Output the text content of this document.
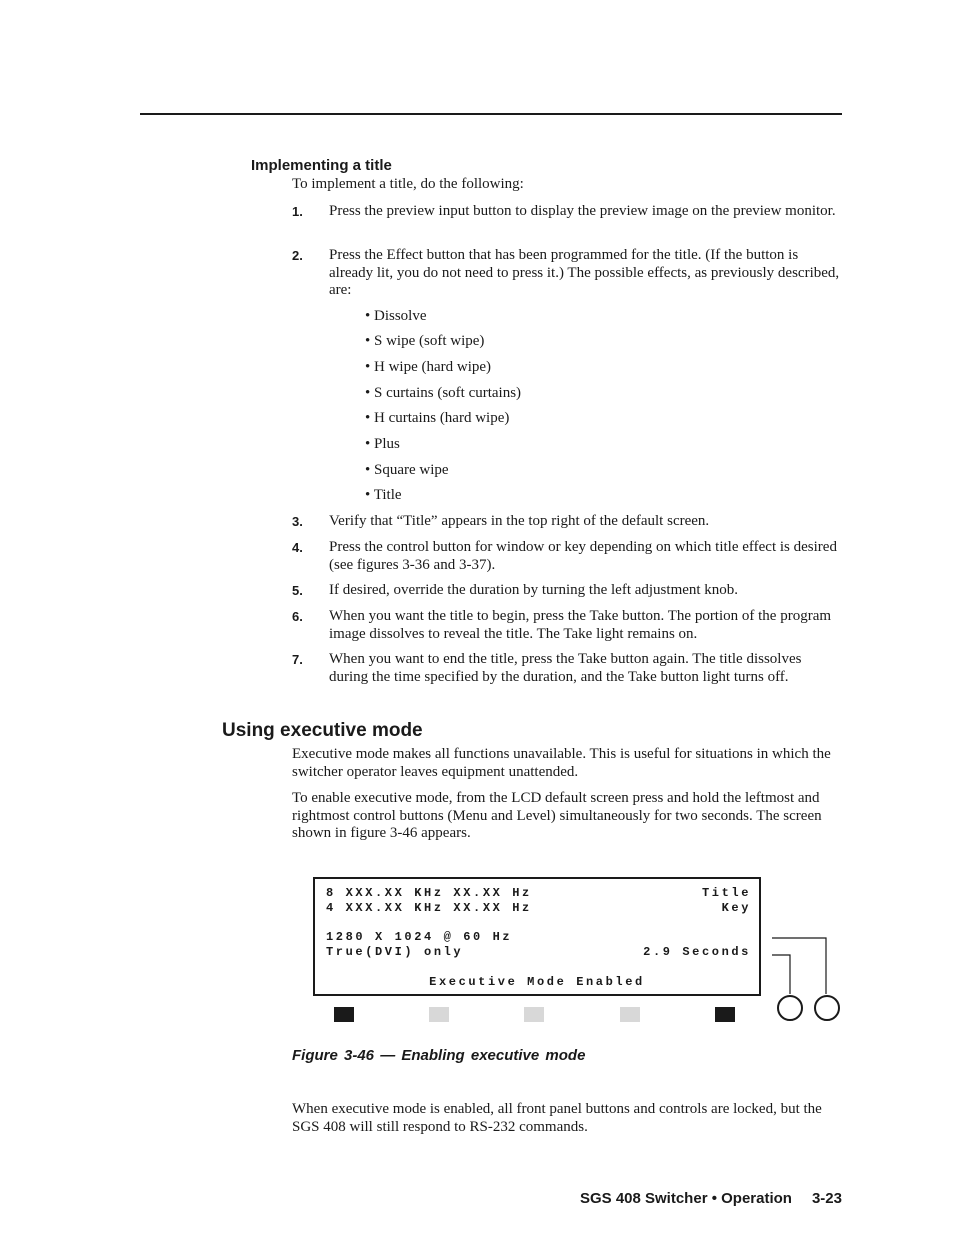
Implementing a title
To implement a title, do the following:
1. Press the preview input button to display the preview image on the preview monitor.
2. Press the Effect button that has been programmed for the title. (If the button is already lit, you do not need to press it.) The possible effects, as previously described, are:
• Dissolve
• S wipe (soft wipe)
• H wipe (hard wipe)
• S curtains (soft curtains)
• H curtains (hard wipe)
• Plus
• Square wipe
• Title
3. Verify that “Title” appears in the top right of the default screen.
4. Press the control button for window or key depending on which title effect is desired (see figures 3-36 and 3-37).
5. If desired, override the duration by turning the left adjustment knob.
6. When you want the title to begin, press the Take button. The portion of the program image dissolves to reveal the title. The Take light remains on.
7. When you want to end the title, press the Take button again. The title dissolves during the time specified by the duration, and the Take button light turns off.
Using executive mode
Executive mode makes all functions unavailable. This is useful for situations in which the switcher operator leaves equipment unattended.
To enable executive mode, from the LCD default screen press and hold the leftmost and rightmost control buttons (Menu and Level) simultaneously for two seconds. The screen shown in figure 3-46 appears.
8 XXX.XX KHz XX.XX Hz	Title
4 XXX.XX KHz XX.XX Hz	Key
1280 X 1024 @ 60 Hz
True(DVI) only	2.9 Seconds
Executive Mode Enabled
Figure 3-46 — Enabling executive mode
When executive mode is enabled, all front panel buttons and controls are locked, but the SGS 408 will still respond to RS-232 commands.
SGS 408 Switcher • Operation 3-23
